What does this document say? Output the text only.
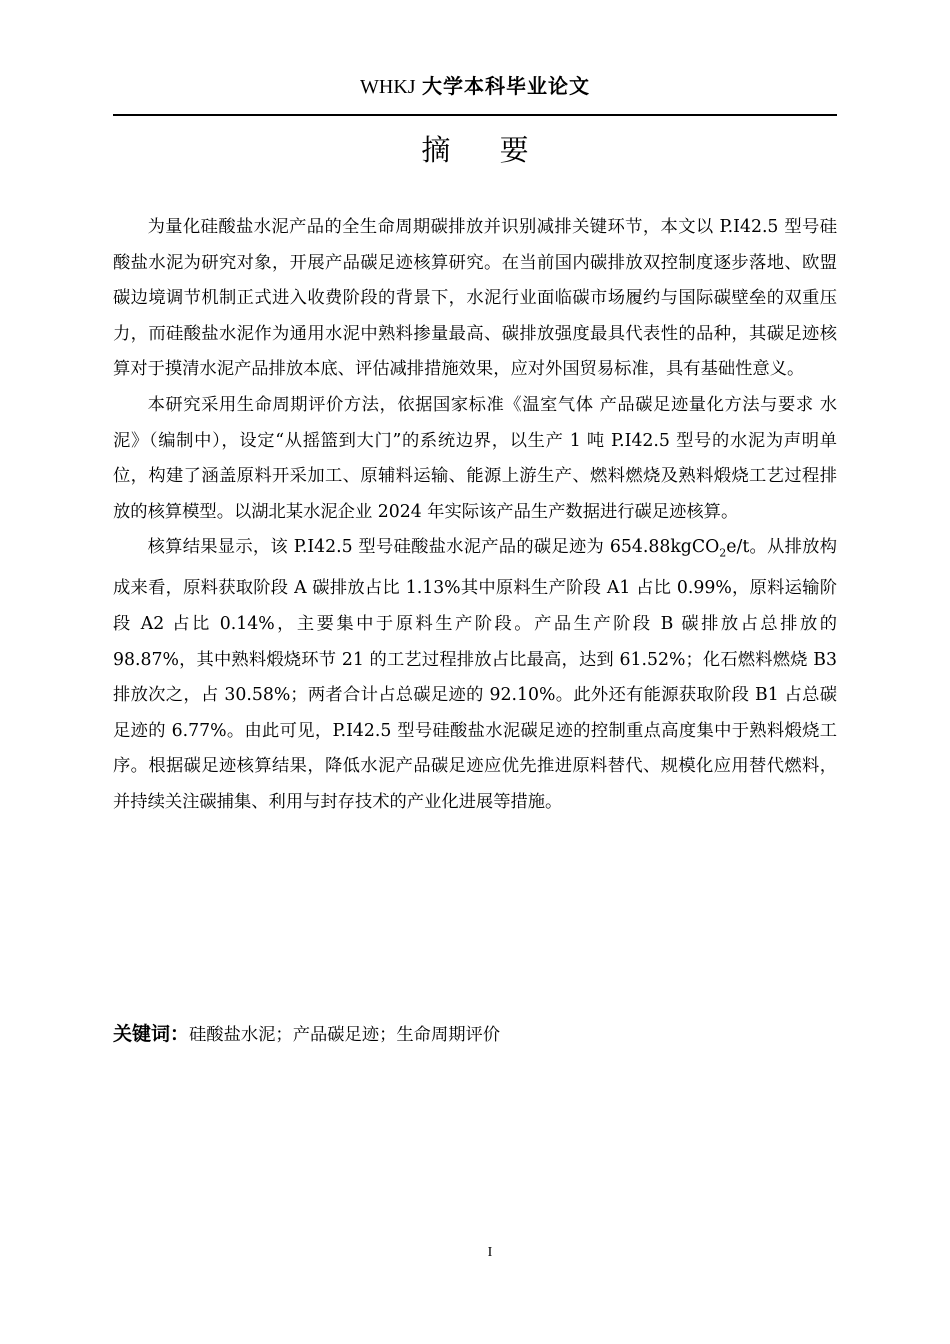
WHKJ 大学本科毕业论文
摘 要

为量化硅酸盐水泥产品的全生命周期碳排放并识别减排关键环节，本文以 P.I42.5 型号硅酸盐水泥为研究对象，开展产品碳足迹核算研究。在当前国内碳排放双控制度逐步落地、欧盟碳边境调节机制正式进入收费阶段的背景下，水泥行业面临碳市场履约与国际碳壁垒的双重压力，而硅酸盐水泥作为通用水泥中熟料掺量最高、碳排放强度最具代表性的品种，其碳足迹核算对于摸清水泥产品排放本底、评估减排措施效果，应对外国贸易标准，具有基础性意义。

本研究采用生命周期评价方法，依据国家标准《温室气体 产品碳足迹量化方法与要求 水泥》（编制中），设定“从摇篮到大门”的系统边界，以生产 1 吨 P.I42.5 型号的水泥为声明单位，构建了涵盖原料开采加工、原辅料运输、能源上游生产、燃料燃烧及熟料煅烧工艺过程排放的核算模型。以湖北某水泥企业 2024 年实际该产品生产数据进行碳足迹核算。

核算结果显示，该 P.I42.5 型号硅酸盐水泥产品的碳足迹为 654.88kgCO$_2$e/t。从排放构成来看，原料获取阶段 A 碳排放占比 1.13%其中原料生产阶段 A1 占比 0.99%，原料运输阶段 A2 占比 0.14%，主要集中于原料生产阶段。产品生产阶段 B 碳排放占总排放的 98.87%，其中熟料煅烧环节 21 的工艺过程排放占比最高，达到 61.52%；化石燃料燃烧 B3 排放次之，占 30.58%；两者合计占总碳足迹的 92.10%。此外还有能源获取阶段 B1 占总碳足迹的 6.77%。由此可见，P.I42.5 型号硅酸盐水泥碳足迹的控制重点高度集中于熟料煅烧工序。根据碳足迹核算结果，降低水泥产品碳足迹应优先推进原料替代、规模化应用替代燃料，并持续关注碳捕集、利用与封存技术的产业化进展等措施。

关键词：硅酸盐水泥；产品碳足迹；生命周期评价
I
